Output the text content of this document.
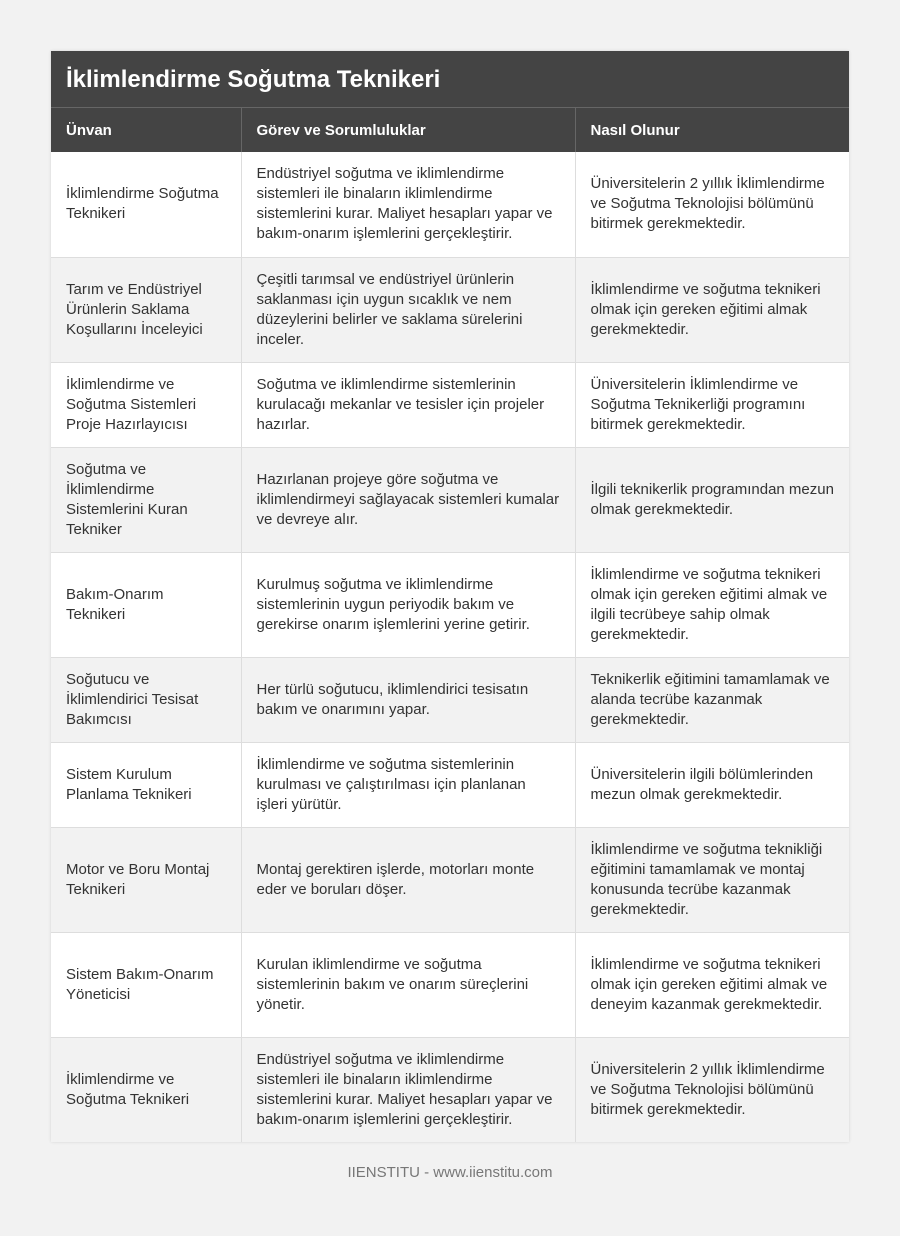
İklimlendirme Soğutma Teknikeri
Ünvan	Görev ve Sorumluluklar	Nasıl Olunur
İklimlendirme Soğutma Teknikeri	Endüstriyel soğutma ve iklimlendirme sistemleri ile binaların iklimlendirme sistemlerini kurar. Maliyet hesapları yapar ve bakım-onarım işlemlerini gerçekleştirir.	Üniversitelerin 2 yıllık İklimlendirme ve Soğutma Teknolojisi bölümünü bitirmek gerekmektedir.
Tarım ve Endüstriyel Ürünlerin Saklama Koşullarını İnceleyici	Çeşitli tarımsal ve endüstriyel ürünlerin saklanması için uygun sıcaklık ve nem düzeylerini belirler ve saklama sürelerini inceler.	İklimlendirme ve soğutma teknikeri olmak için gereken eğitimi almak gerekmektedir.
İklimlendirme ve Soğutma Sistemleri Proje Hazırlayıcısı	Soğutma ve iklimlendirme sistemlerinin kurulacağı mekanlar ve tesisler için projeler hazırlar.	Üniversitelerin İklimlendirme ve Soğutma Teknikerliği programını bitirmek gerekmektedir.
Soğutma ve İklimlendirme Sistemlerini Kuran Tekniker	Hazırlanan projeye göre soğutma ve iklimlendirmeyi sağlayacak sistemleri kumalar ve devreye alır.	İlgili teknikerlik programından mezun olmak gerekmektedir.
Bakım-Onarım Teknikeri	Kurulmuş soğutma ve iklimlendirme sistemlerinin uygun periyodik bakım ve gerekirse onarım işlemlerini yerine getirir.	İklimlendirme ve soğutma teknikeri olmak için gereken eğitimi almak ve ilgili tecrübeye sahip olmak gerekmektedir.
Soğutucu ve İklimlendirici Tesisat Bakımcısı	Her türlü soğutucu, iklimlendirici tesisatın bakım ve onarımını yapar.	Teknikerlik eğitimini tamamlamak ve alanda tecrübe kazanmak gerekmektedir.
Sistem Kurulum Planlama Teknikeri	İklimlendirme ve soğutma sistemlerinin kurulması ve çalıştırılması için planlanan işleri yürütür.	Üniversitelerin ilgili bölümlerinden mezun olmak gerekmektedir.
Motor ve Boru Montaj Teknikeri	Montaj gerektiren işlerde, motorları monte eder ve boruları döşer.	İklimlendirme ve soğutma teknikliği eğitimini tamamlamak ve montaj konusunda tecrübe kazanmak gerekmektedir.
Sistem Bakım-Onarım Yöneticisi	Kurulan iklimlendirme ve soğutma sistemlerinin bakım ve onarım süreçlerini yönetir.	İklimlendirme ve soğutma teknikeri olmak için gereken eğitimi almak ve deneyim kazanmak gerekmektedir.
İklimlendirme ve Soğutma Teknikeri	Endüstriyel soğutma ve iklimlendirme sistemleri ile binaların iklimlendirme sistemlerini kurar. Maliyet hesapları yapar ve bakım-onarım işlemlerini gerçekleştirir.	Üniversitelerin 2 yıllık İklimlendirme ve Soğutma Teknolojisi bölümünü bitirmek gerekmektedir.
IIENSTITU - www.iienstitu.com
